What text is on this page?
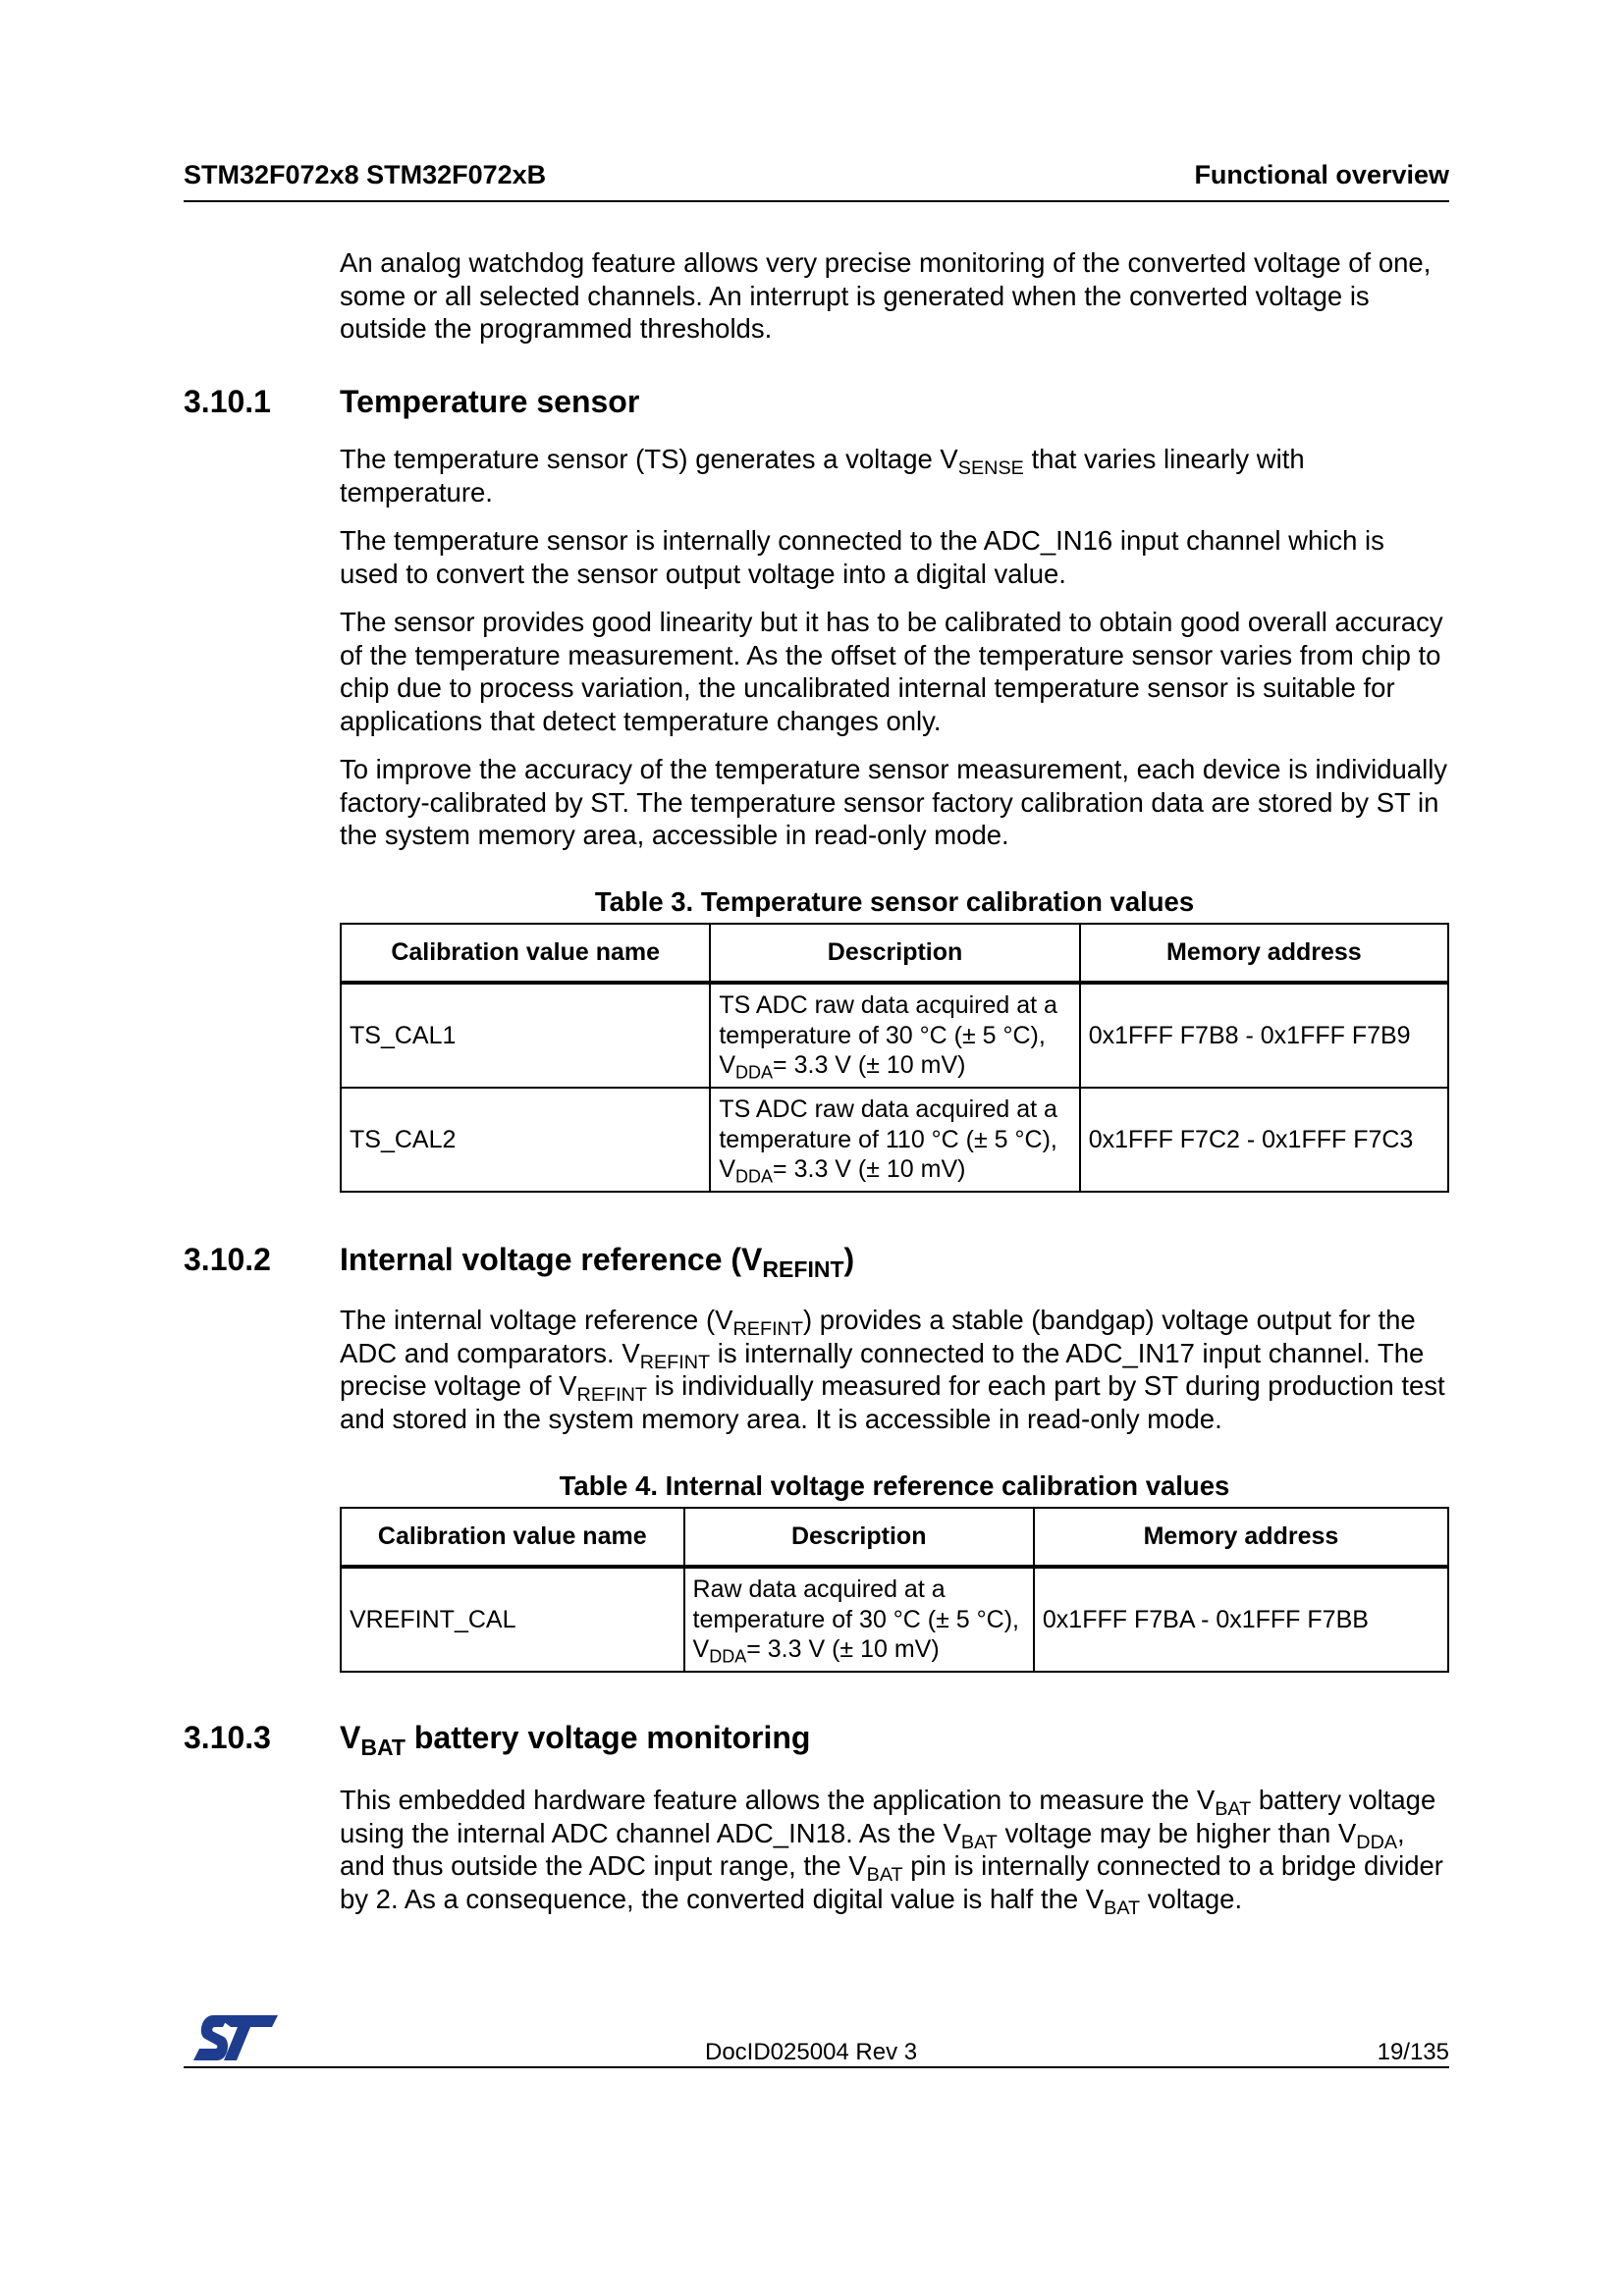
STM32F072x8 STM32F072xB	Functional overview

An analog watchdog feature allows very precise monitoring of the converted voltage of one, some or all selected channels. An interrupt is generated when the converted voltage is outside the programmed thresholds.

3.10.1 Temperature sensor

The temperature sensor (TS) generates a voltage $V_{SENSE}$ that varies linearly with temperature.

The temperature sensor is internally connected to the ADC_IN16 input channel which is used to convert the sensor output voltage into a digital value.

The sensor provides good linearity but it has to be calibrated to obtain good overall accuracy of the temperature measurement. As the offset of the temperature sensor varies from chip to chip due to process variation, the uncalibrated internal temperature sensor is suitable for applications that detect temperature changes only.

To improve the accuracy of the temperature sensor measurement, each device is individually factory-calibrated by ST. The temperature sensor factory calibration data are stored by ST in the system memory area, accessible in read-only mode.

Table 3. Temperature sensor calibration values
Calibration value name	Description	Memory address
TS_CAL1	TS ADC raw data acquired at a
temperature of 30 °C (± 5 °C),
$V_{DDA}= 3.3$ V (± 10 mV)	0x1FFF F7B8 - 0x1FFF F7B9
TS_CAL2	TS ADC raw data acquired at a
temperature of 110 °C (± 5 °C),
$V_{DDA}= 3.3$ V (± 10 mV)	0x1FFF F7C2 - 0x1FFF F7C3
3.10.2 Internal voltage reference $(V_{REFINT})$

The internal voltage reference $(V_{REFINT})$ provides a stable (bandgap) voltage output for the ADC and comparators. $V_{REFINT}$ is internally connected to the ADC_IN17 input channel. The precise voltage of $V_{REFINT}$ is individually measured for each part by ST during production test and stored in the system memory area. It is accessible in read-only mode.

Table 4. Internal voltage reference calibration values
Calibration value name	Description	Memory address
VREFINT_CAL	Raw data acquired at a
temperature of 30 °C (± 5 °C),
$V_{DDA}= 3.3$ V (± 10 mV)	0x1FFF F7BA - 0x1FFF F7BB
3.10.3 $V_{BAT}$ battery voltage monitoring

This embedded hardware feature allows the application to measure the $V_{BAT}$ battery voltage using the internal ADC channel ADC_IN18. As the $V_{BAT}$ voltage may be higher than $V_{DDA}$, and thus outside the ADC input range, the $V_{BAT}$ pin is internally connected to a bridge divider by 2. As a consequence, the converted digital value is half the $V_{BAT}$ voltage.

DocID025004 Rev 3	19/135
